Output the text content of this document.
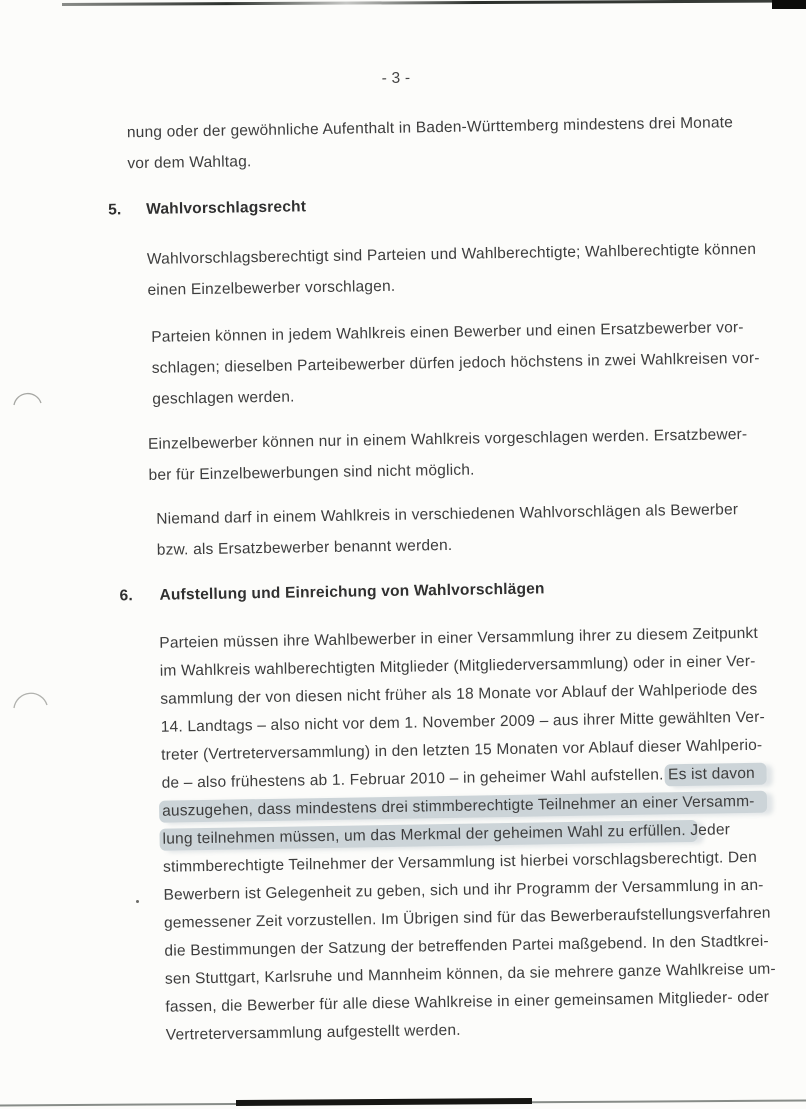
- 3 -
nung oder der gewöhnliche Aufenthalt in Baden-Württemberg mindestens drei Monate
vor dem Wahltag.
5. Wahlvorschlagsrecht
Wahlvorschlagsberechtigt sind Parteien und Wahlberechtigte; Wahlberechtigte können
einen Einzelbewerber vorschlagen.
Parteien können in jedem Wahlkreis einen Bewerber und einen Ersatzbewerber vor-
schlagen; dieselben Parteibewerber dürfen jedoch höchstens in zwei Wahlkreisen vor-
geschlagen werden.
Einzelbewerber können nur in einem Wahlkreis vorgeschlagen werden. Ersatzbewer-
ber für Einzelbewerbungen sind nicht möglich.
Niemand darf in einem Wahlkreis in verschiedenen Wahlvorschlägen als Bewerber
bzw. als Ersatzbewerber benannt werden.
6. Aufstellung und Einreichung von Wahlvorschlägen
Parteien müssen ihre Wahlbewerber in einer Versammlung ihrer zu diesem Zeitpunkt
im Wahlkreis wahlberechtigten Mitglieder (Mitgliederversammlung) oder in einer Ver-
sammlung der von diesen nicht früher als 18 Monate vor Ablauf der Wahlperiode des
14. Landtags – also nicht vor dem 1. November 2009 – aus ihrer Mitte gewählten Ver-
treter (Vertreterversammlung) in den letzten 15 Monaten vor Ablauf dieser Wahlperio-
de – also frühestens ab 1. Februar 2010 – in geheimer Wahl aufstellen. Es ist davon
auszugehen, dass mindestens drei stimmberechtigte Teilnehmer an einer Versamm-
lung teilnehmen müssen, um das Merkmal der geheimen Wahl zu erfüllen. Jeder
stimmberechtigte Teilnehmer der Versammlung ist hierbei vorschlagsberechtigt. Den
Bewerbern ist Gelegenheit zu geben, sich und ihr Programm der Versammlung in an-
gemessener Zeit vorzustellen. Im Übrigen sind für das Bewerberaufstellungsverfahren
die Bestimmungen der Satzung der betreffenden Partei maßgebend. In den Stadtkrei-
sen Stuttgart, Karlsruhe und Mannheim können, da sie mehrere ganze Wahlkreise um-
fassen, die Bewerber für alle diese Wahlkreise in einer gemeinsamen Mitglieder- oder
Vertreterversammlung aufgestellt werden.
